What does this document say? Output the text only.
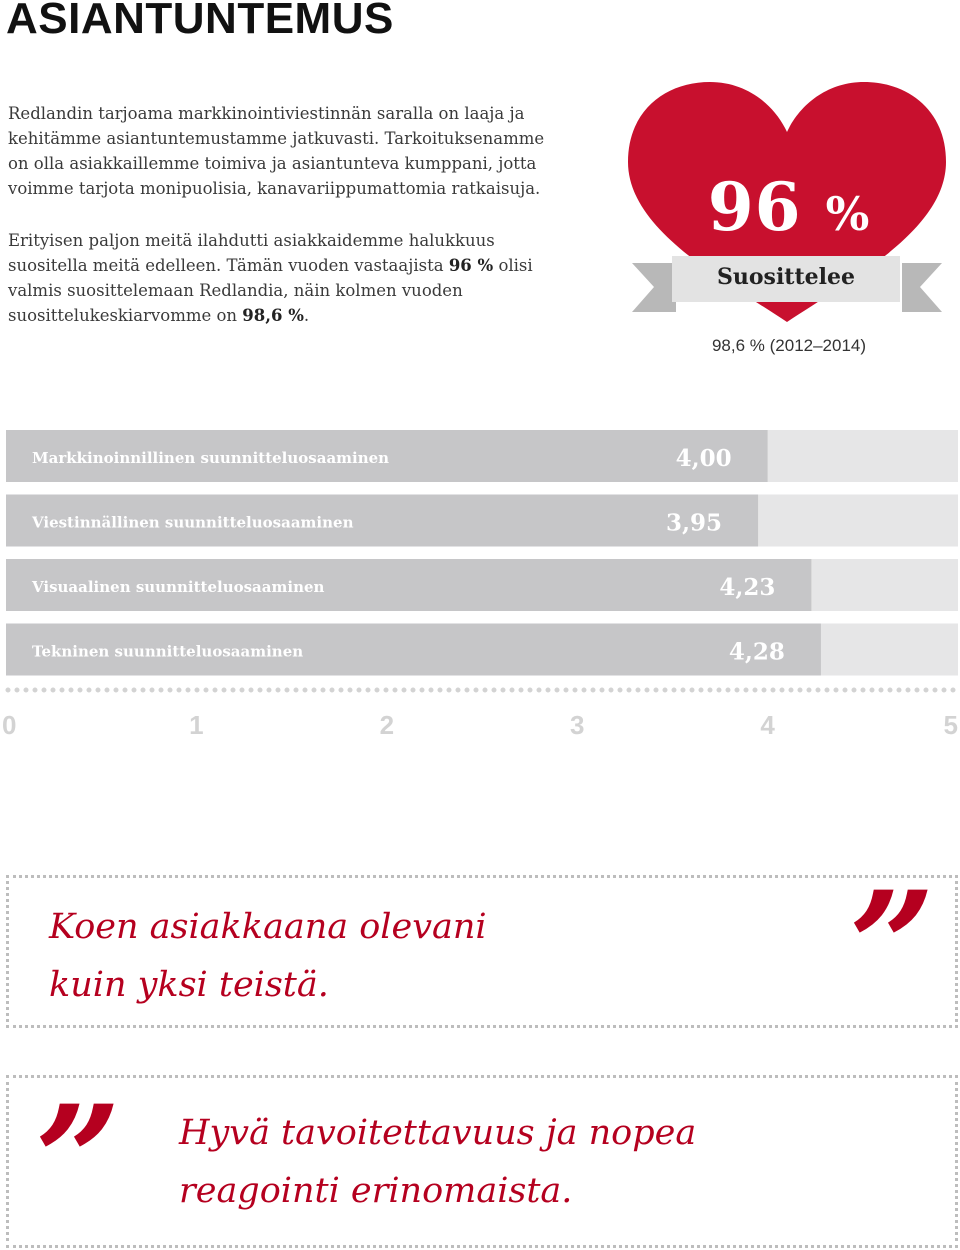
ASIANTUNTEMUS

Redlandin tarjoama markkinointiviestinnän saralla on laaja ja kehitämme asiantuntemustamme jatkuvasti. Tarkoituksenamme on olla asiakkaillemme toimiva ja asiantunteva kumppani, jotta voimme tarjota monipuolisia, kanavariippumattomia ratkaisuja.

Erityisen paljon meitä ilahdutti asiakkaidemme halukkuus suositella meitä edelleen. Tämän vuoden vastaajista 96 % olisi valmis suosittelemaan Redlandia, näin kolmen vuoden suosittelukeskiarvomme on 98,6 %.

96 %
Suosittelee
98,6 % (2012–2014)
Markkinoinnillinen suunnitteluosaaminen	4,00
Viestinnällinen suunnitteluosaaminen	3,95
Visuaalinen suunnitteluosaaminen	4,23
Tekninen suunnitteluosaaminen	4,28
0	1	2	3	4	5
Koen asiakkaana olevani
kuin yksi teistä.	”
” Hyvä tavoitettavuus ja nopea
reagointi erinomaista.
